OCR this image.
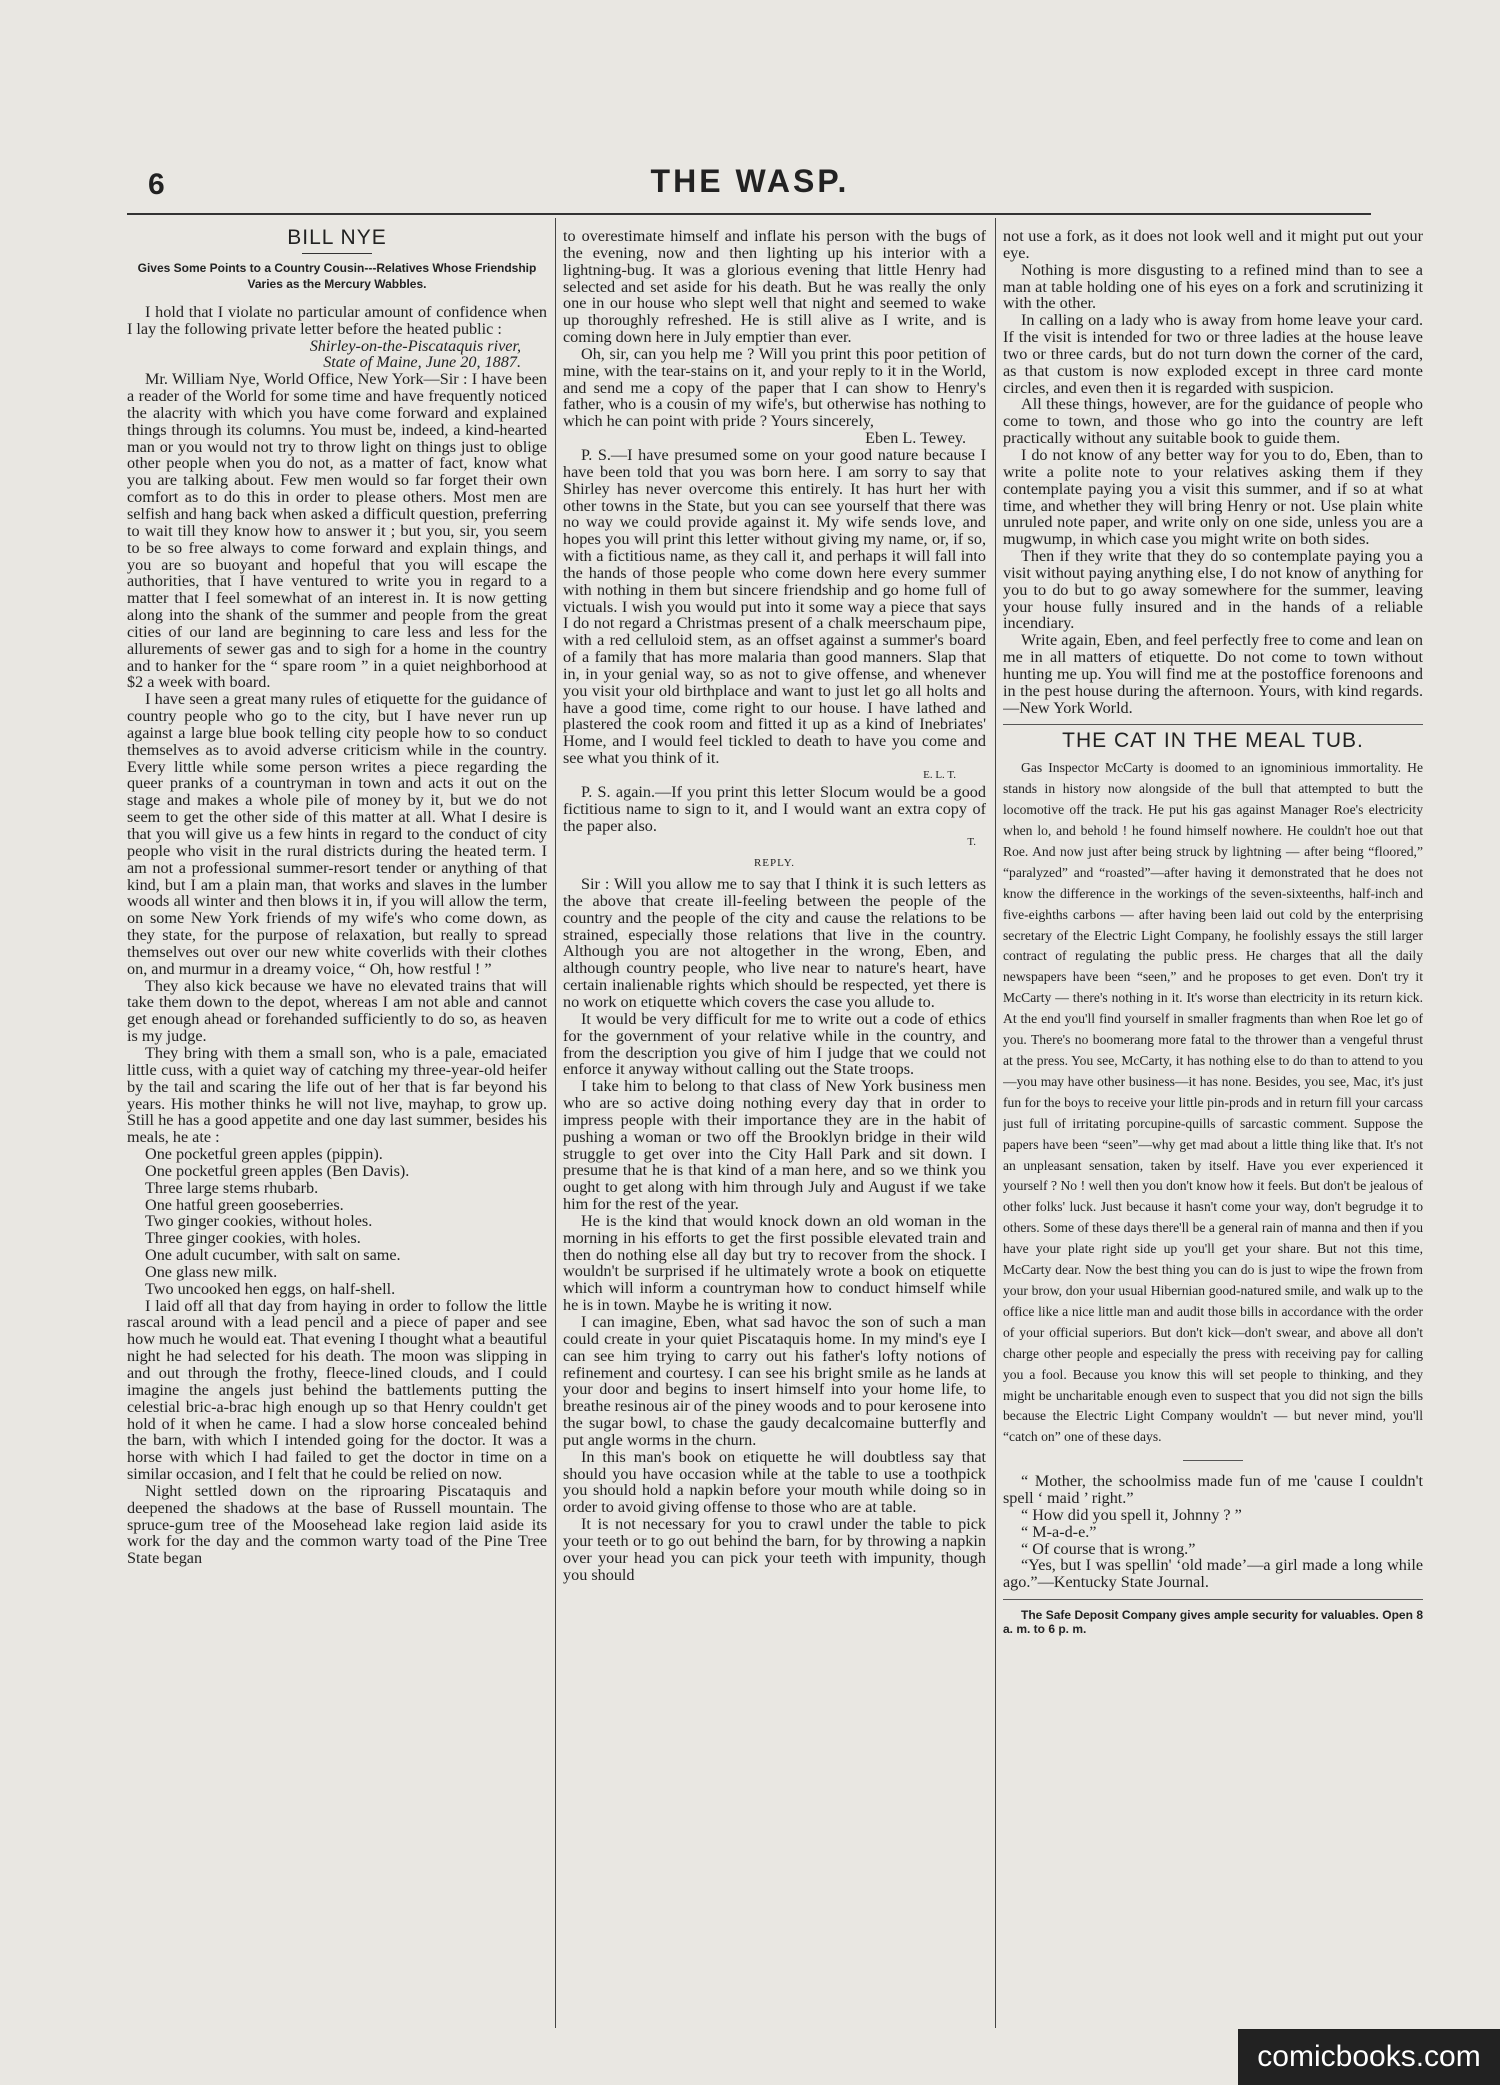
6	THE WASP.
BILL NYE

Gives Some Points to a Country Cousin---Relatives Whose Friendship Varies as the Mercury Wabbles.

I hold that I violate no particular amount of confidence when I lay the following private letter before the heated public :

Shirley-on-the-Piscataquis river,

State of Maine, June 20, 1887.

Mr. William Nye, World Office, New York—Sir : I have been a reader of the World for some time and have frequently noticed the alacrity with which you have come forward and explained things through its columns. You must be, indeed, a kind-hearted man or you would not try to throw light on things just to oblige other people when you do not, as a matter of fact, know what you are talking about. Few men would so far forget their own comfort as to do this in order to please others. Most men are selfish and hang back when asked a difficult question, preferring to wait till they know how to answer it ; but you, sir, you seem to be so free always to come forward and explain things, and you are so buoyant and hopeful that you will escape the authorities, that I have ventured to write you in regard to a matter that I feel somewhat of an interest in. It is now getting along into the shank of the summer and people from the great cities of our land are beginning to care less and less for the allurements of sewer gas and to sigh for a home in the country and to hanker for the “ spare room ” in a quiet neighborhood at $2 a week with board.

I have seen a great many rules of etiquette for the guidance of country people who go to the city, but I have never run up against a large blue book telling city people how to so conduct themselves as to avoid adverse criticism while in the country. Every little while some person writes a piece regarding the queer pranks of a countryman in town and acts it out on the stage and makes a whole pile of money by it, but we do not seem to get the other side of this matter at all. What I desire is that you will give us a few hints in regard to the conduct of city people who visit in the rural districts during the heated term. I am not a professional summer-resort tender or anything of that kind, but I am a plain man, that works and slaves in the lumber woods all winter and then blows it in, if you will allow the term, on some New York friends of my wife's who come down, as they state, for the purpose of relaxation, but really to spread themselves out over our new white coverlids with their clothes on, and murmur in a dreamy voice, “ Oh, how restful ! ”

They also kick because we have no elevated trains that will take them down to the depot, whereas I am not able and cannot get enough ahead or forehanded sufficiently to do so, as heaven is my judge.

They bring with them a small son, who is a pale, emaciated little cuss, with a quiet way of catching my three-year-old heifer by the tail and scaring the life out of her that is far beyond his years. His mother thinks he will not live, mayhap, to grow up. Still he has a good appetite and one day last summer, besides his meals, he ate :

One pocketful green apples (pippin).

One pocketful green apples (Ben Davis).

Three large stems rhubarb.

One hatful green gooseberries.

Two ginger cookies, without holes.

Three ginger cookies, with holes.

One adult cucumber, with salt on same.

One glass new milk.

Two uncooked hen eggs, on half-shell.

I laid off all that day from haying in order to follow the little rascal around with a lead pencil and a piece of paper and see how much he would eat. That evening I thought what a beautiful night he had selected for his death. The moon was slipping in and out through the frothy, fleece-lined clouds, and I could imagine the angels just behind the battlements putting the celestial bric-a-brac high enough up so that Henry couldn't get hold of it when he came. I had a slow horse concealed behind the barn, with which I intended going for the doctor. It was a horse with which I had failed to get the doctor in time on a similar occasion, and I felt that he could be relied on now.

Night settled down on the riproaring Piscataquis and deepened the shadows at the base of Russell mountain. The spruce-gum tree of the Moosehead lake region laid aside its work for the day and the common warty toad of the Pine Tree State began

to overestimate himself and inflate his person with the bugs of the evening, now and then lighting up his interior with a lightning-bug. It was a glorious evening that little Henry had selected and set aside for his death. But he was really the only one in our house who slept well that night and seemed to wake up thoroughly refreshed. He is still alive as I write, and is coming down here in July emptier than ever.

Oh, sir, can you help me ? Will you print this poor petition of mine, with the tear-stains on it, and your reply to it in the World, and send me a copy of the paper that I can show to Henry's father, who is a cousin of my wife's, but otherwise has nothing to which he can point with pride ? Yours sincerely,

Eben L. Tewey.

P. S.—I have presumed some on your good nature because I have been told that you was born here. I am sorry to say that Shirley has never overcome this entirely. It has hurt her with other towns in the State, but you can see yourself that there was no way we could provide against it. My wife sends love, and hopes you will print this letter without giving my name, or, if so, with a fictitious name, as they call it, and perhaps it will fall into the hands of those people who come down here every summer with nothing in them but sincere friendship and go home full of victuals. I wish you would put into it some way a piece that says I do not regard a Christmas present of a chalk meerschaum pipe, with a red celluloid stem, as an offset against a summer's board of a family that has more malaria than good manners. Slap that in, in your genial way, so as not to give offense, and whenever you visit your old birthplace and want to just let go all holts and have a good time, come right to our house. I have lathed and plastered the cook room and fitted it up as a kind of Inebriates' Home, and I would feel tickled to death to have you come and see what you think of it.

E. L. T.

P. S. again.—If you print this letter Slocum would be a good fictitious name to sign to it, and I would want an extra copy of the paper also.

T.

REPLY.

Sir : Will you allow me to say that I think it is such letters as the above that create ill-feeling between the people of the country and the people of the city and cause the relations to be strained, especially those relations that live in the country. Although you are not altogether in the wrong, Eben, and although country people, who live near to nature's heart, have certain inalienable rights which should be respected, yet there is no work on etiquette which covers the case you allude to.

It would be very difficult for me to write out a code of ethics for the government of your relative while in the country, and from the description you give of him I judge that we could not enforce it anyway without calling out the State troops.

I take him to belong to that class of New York business men who are so active doing nothing every day that in order to impress people with their importance they are in the habit of pushing a woman or two off the Brooklyn bridge in their wild struggle to get over into the City Hall Park and sit down. I presume that he is that kind of a man here, and so we think you ought to get along with him through July and August if we take him for the rest of the year.

He is the kind that would knock down an old woman in the morning in his efforts to get the first possible elevated train and then do nothing else all day but try to recover from the shock. I wouldn't be surprised if he ultimately wrote a book on etiquette which will inform a countryman how to conduct himself while he is in town. Maybe he is writing it now.

I can imagine, Eben, what sad havoc the son of such a man could create in your quiet Piscataquis home. In my mind's eye I can see him trying to carry out his father's lofty notions of refinement and courtesy. I can see his bright smile as he lands at your door and begins to insert himself into your home life, to breathe resinous air of the piney woods and to pour kerosene into the sugar bowl, to chase the gaudy decalcomaine butterfly and put angle worms in the churn.

In this man's book on etiquette he will doubtless say that should you have occasion while at the table to use a toothpick you should hold a napkin before your mouth while doing so in order to avoid giving offense to those who are at table.

It is not necessary for you to crawl under the table to pick your teeth or to go out behind the barn, for by throwing a napkin over your head you can pick your teeth with impunity, though you should

not use a fork, as it does not look well and it might put out your eye.

Nothing is more disgusting to a refined mind than to see a man at table holding one of his eyes on a fork and scrutinizing it with the other.

In calling on a lady who is away from home leave your card. If the visit is intended for two or three ladies at the house leave two or three cards, but do not turn down the corner of the card, as that custom is now exploded except in three card monte circles, and even then it is regarded with suspicion.

All these things, however, are for the guidance of people who come to town, and those who go into the country are left practically without any suitable book to guide them.

I do not know of any better way for you to do, Eben, than to write a polite note to your relatives asking them if they contemplate paying you a visit this summer, and if so at what time, and whether they will bring Henry or not. Use plain white unruled note paper, and write only on one side, unless you are a mugwump, in which case you might write on both sides.

Then if they write that they do so contemplate paying you a visit without paying anything else, I do not know of anything for you to do but to go away somewhere for the summer, leaving your house fully insured and in the hands of a reliable incendiary.

Write again, Eben, and feel perfectly free to come and lean on me in all matters of etiquette. Do not come to town without hunting me up. You will find me at the postoffice forenoons and in the pest house during the afternoon. Yours, with kind regards.—New York World.

THE CAT IN THE MEAL TUB.

Gas Inspector McCarty is doomed to an ignominious immortality. He stands in history now alongside of the bull that attempted to butt the locomotive off the track. He put his gas against Manager Roe's electricity when lo, and behold ! he found himself nowhere. He couldn't hoe out that Roe. And now just after being struck by lightning — after being “floored,” “paralyzed” and “roasted”—after having it demonstrated that he does not know the difference in the workings of the seven-sixteenths, half-inch and five-eighths carbons — after having been laid out cold by the enterprising secretary of the Electric Light Company, he foolishly essays the still larger contract of regulating the public press. He charges that all the daily newspapers have been “seen,” and he proposes to get even. Don't try it McCarty — there's nothing in it. It's worse than electricity in its return kick. At the end you'll find yourself in smaller fragments than when Roe let go of you. There's no boomerang more fatal to the thrower than a vengeful thrust at the press. You see, McCarty, it has nothing else to do than to attend to you—you may have other business—it has none. Besides, you see, Mac, it's just fun for the boys to receive your little pin-prods and in return fill your carcass just full of irritating porcupine-quills of sarcastic comment. Suppose the papers have been “seen”—why get mad about a little thing like that. It's not an unpleasant sensation, taken by itself. Have you ever experienced it yourself ? No ! well then you don't know how it feels. But don't be jealous of other folks' luck. Just because it hasn't come your way, don't begrudge it to others. Some of these days there'll be a general rain of manna and then if you have your plate right side up you'll get your share. But not this time, McCarty dear. Now the best thing you can do is just to wipe the frown from your brow, don your usual Hibernian good-natured smile, and walk up to the office like a nice little man and audit those bills in accordance with the order of your official superiors. But don't kick—don't swear, and above all don't charge other people and especially the press with receiving pay for calling you a fool. Because you know this will set people to thinking, and they might be uncharitable enough even to suspect that you did not sign the bills because the Electric Light Company wouldn't — but never mind, you'll “catch on” one of these days.

“ Mother, the schoolmiss made fun of me 'cause I couldn't spell ‘ maid ’ right.”

“ How did you spell it, Johnny ? ”

“ M-a-d-e.”

“ Of course that is wrong.”

“Yes, but I was spellin' ‘old made’—a girl made a long while ago.”—Kentucky State Journal.

The Safe Deposit Company gives ample security for valuables. Open 8 a. m. to 6 p. m.

comicbooks.com
